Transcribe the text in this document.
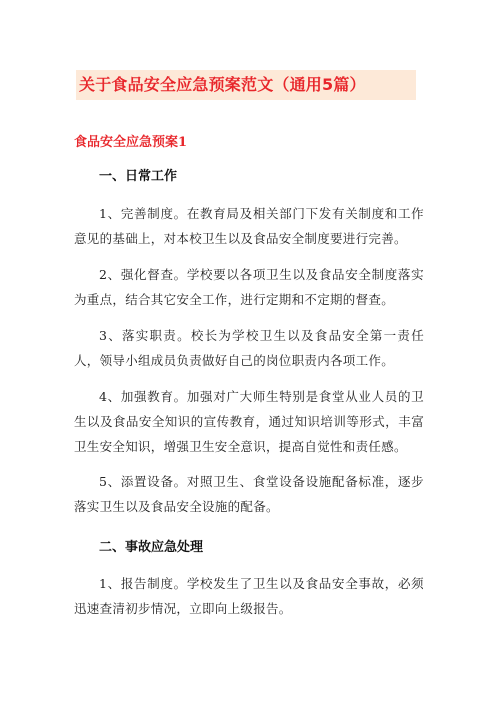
关于食品安全应急预案范文（通用5篇）
食品安全应急预案1
一、日常工作
1、完善制度。在教育局及相关部门下发有关制度和工作意见的基础上，对本校卫生以及食品安全制度要进行完善。
2、强化督查。学校要以各项卫生以及食品安全制度落实为重点，结合其它安全工作，进行定期和不定期的督查。
3、落实职责。校长为学校卫生以及食品安全第一责任人，领导小组成员负责做好自己的岗位职责内各项工作。
4、加强教育。加强对广大师生特别是食堂从业人员的卫生以及食品安全知识的宣传教育，通过知识培训等形式，丰富卫生安全知识，增强卫生安全意识，提高自觉性和责任感。
5、添置设备。对照卫生、食堂设备设施配备标准，逐步落实卫生以及食品安全设施的配备。
二、事故应急处理
1、报告制度。学校发生了卫生以及食品安全事故，必须迅速查清初步情况，立即向上级报告。
